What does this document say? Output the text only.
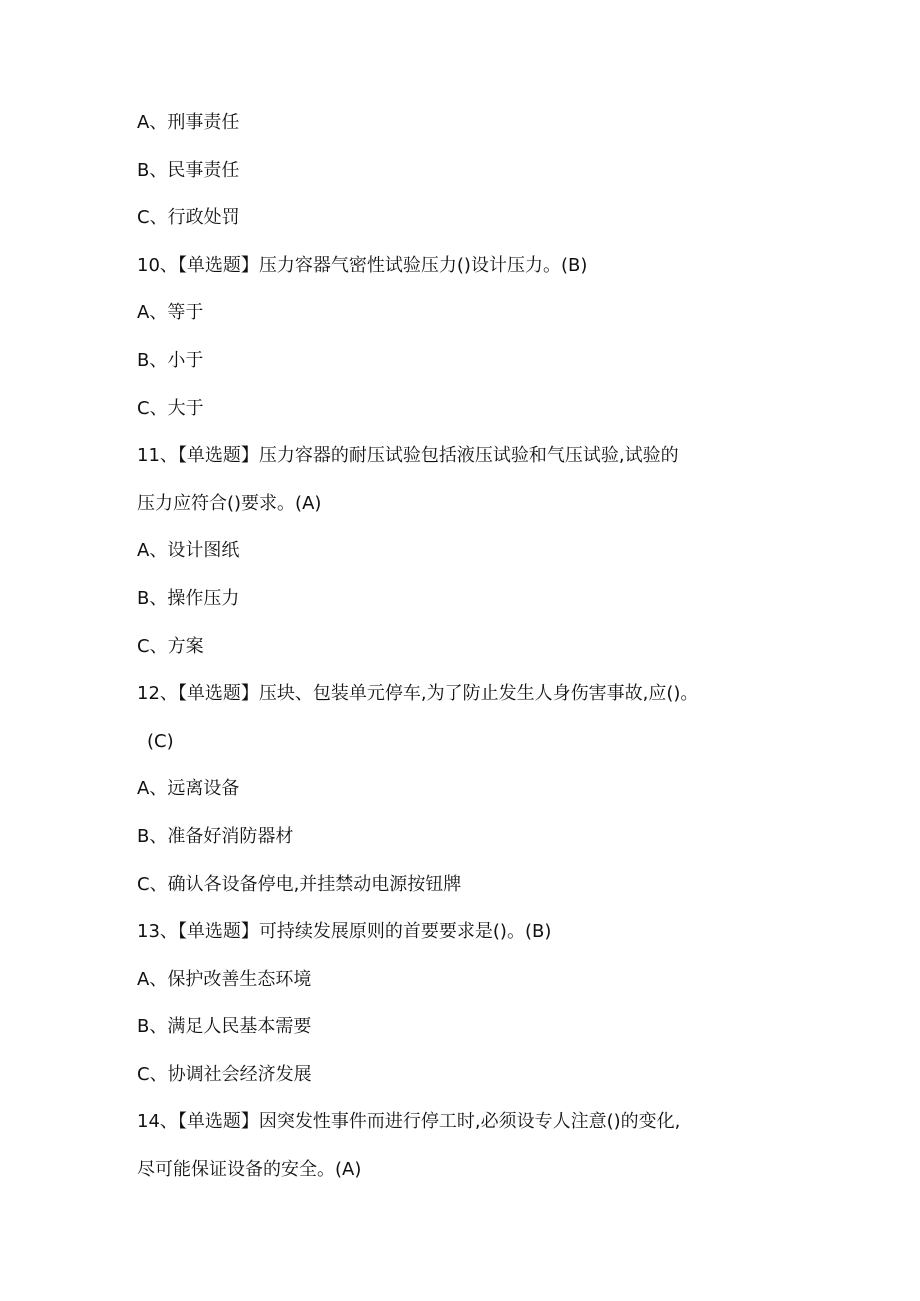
A、刑事责任

B、民事责任

C、行政处罚

10、【单选题】压力容器气密性试验压力()设计压力。(B)

A、等于

B、小于

C、大于

11、【单选题】压力容器的耐压试验包括液压试验和气压试验,试验的

压力应符合()要求。(A)

A、设计图纸

B、操作压力

C、方案

12、【单选题】压块、包装单元停车,为了防止发生人身伤害事故,应()。

(C)

A、远离设备

B、准备好消防器材

C、确认各设备停电,并挂禁动电源按钮牌

13、【单选题】可持续发展原则的首要要求是()。(B)

A、保护改善生态环境

B、满足人民基本需要

C、协调社会经济发展

14、【单选题】因突发性事件而进行停工时,必须设专人注意()的变化,

尽可能保证设备的安全。(A)
